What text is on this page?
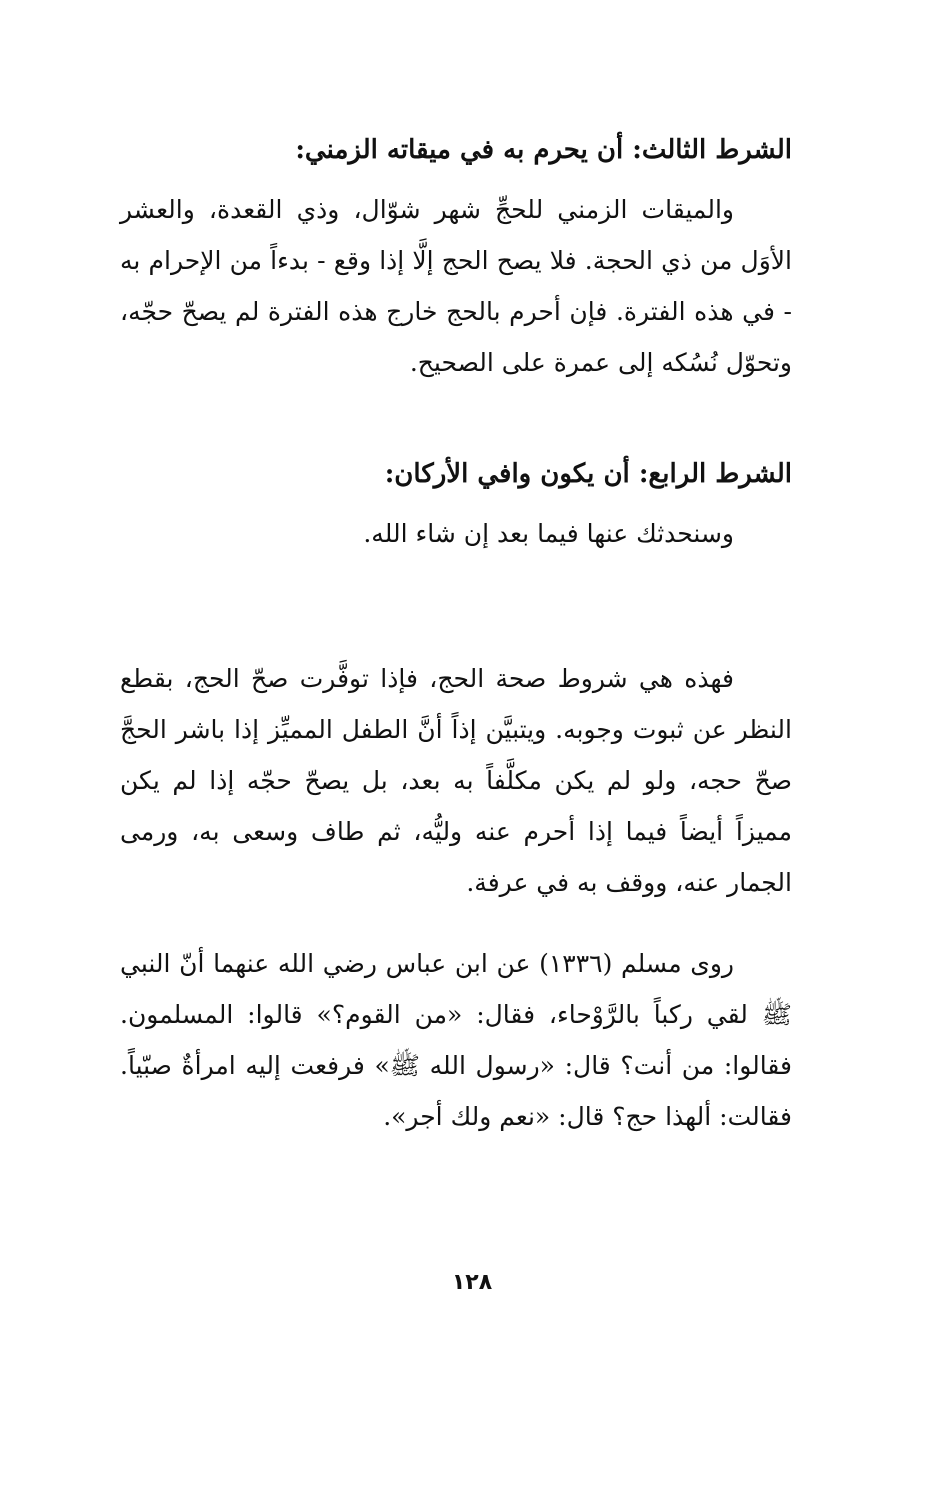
الشرط الثالث: أن يحرم به في ميقاته الزمني:

والميقات الزمني للحجِّ شهر شوّال، وذي القعدة، والعشر الأوَل من ذي الحجة. فلا يصح الحج إلَّا إذا وقع - بدءاً من الإحرام به - في هذه الفترة. فإن أحرم بالحج خارج هذه الفترة لم يصحّ حجّه، وتحوّل نُسُكه إلى عمرة على الصحيح.

الشرط الرابع: أن يكون وافي الأركان:

وسنحدثك عنها فيما بعد إن شاء الله.

فهذه هي شروط صحة الحج، فإذا توفَّرت صحّ الحج، بقطع النظر عن ثبوت وجوبه. ويتبيَّن إذاً أنَّ الطفل المميِّز إذا باشر الحجَّ صحّ حجه، ولو لم يكن مكلَّفاً به بعد، بل يصحّ حجّه إذا لم يكن مميزاً أيضاً فيما إذا أحرم عنه وليُّه، ثم طاف وسعى به، ورمى الجمار عنه، ووقف به في عرفة.

روى مسلم (١٣٣٦) عن ابن عباس رضي الله عنهما أنّ النبي ﷺ لقي ركباً بالرَّوْحاء، فقال: «من القوم؟» قالوا: المسلمون. فقالوا: من أنت؟ قال: «رسول الله ﷺ» فرفعت إليه امرأةٌ صبّياً. فقالت: ألهذا حج؟ قال: «نعم ولك أجر».

١٢٨
